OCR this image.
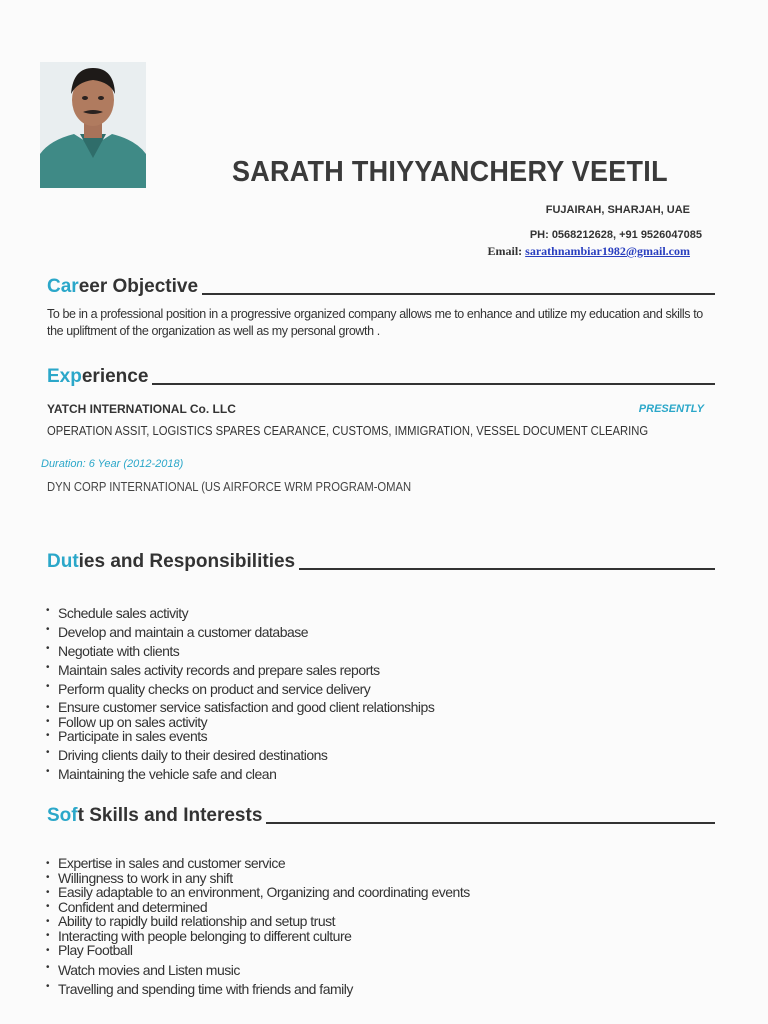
SARATH THIYYANCHERY VEETIL
FUJAIRAH, SHARJAH, UAE
PH: 0568212628, +91 9526047085
Email: sarathnambiar1982@gmail.com
Career Objective
To be in a professional position in a progressive organized company allows me to enhance and utilize my education and skills to the upliftment of the organization as well as my personal growth .
Experience
YATCH INTERNATIONAL Co. LLC	PRESENTLY
OPERATION ASSIT, LOGISTICS SPARES CEARANCE, CUSTOMS, IMMIGRATION, VESSEL DOCUMENT CLEARING
Duration: 6 Year (2012-2018)
DYN CORP INTERNATIONAL (US AIRFORCE WRM PROGRAM-OMAN
Duties and Responsibilities
• Schedule sales activity
• Develop and maintain a customer database
• Negotiate with clients
• Maintain sales activity records and prepare sales reports
• Perform quality checks on product and service delivery
• Ensure customer service satisfaction and good client relationships
• Follow up on sales activity
• Participate in sales events
• Driving clients daily to their desired destinations
• Maintaining the vehicle safe and clean
Soft Skills and Interests
• Expertise in sales and customer service
• Willingness to work in any shift
• Easily adaptable to an environment, Organizing and coordinating events
• Confident and determined
• Ability to rapidly build relationship and setup trust
• Interacting with people belonging to different culture
• Play Football
• Watch movies and Listen music
• Travelling and spending time with friends and family
